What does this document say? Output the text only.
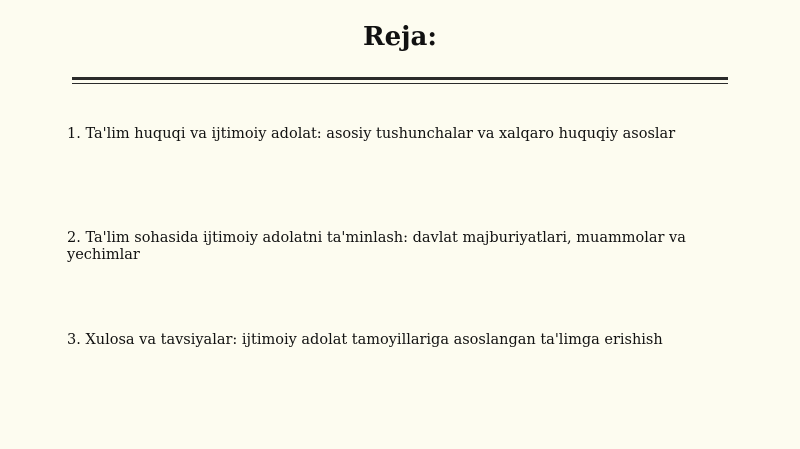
Reja:

1. Ta'lim huquqi va ijtimoiy adolat: asosiy tushunchalar va xalqaro huquqiy asoslar

2. Ta'lim sohasida ijtimoiy adolatni ta'minlash: davlat majburiyatlari, muammolar va yechimlar

3. Xulosa va tavsiyalar: ijtimoiy adolat tamoyillariga asoslangan ta'limga erishish
